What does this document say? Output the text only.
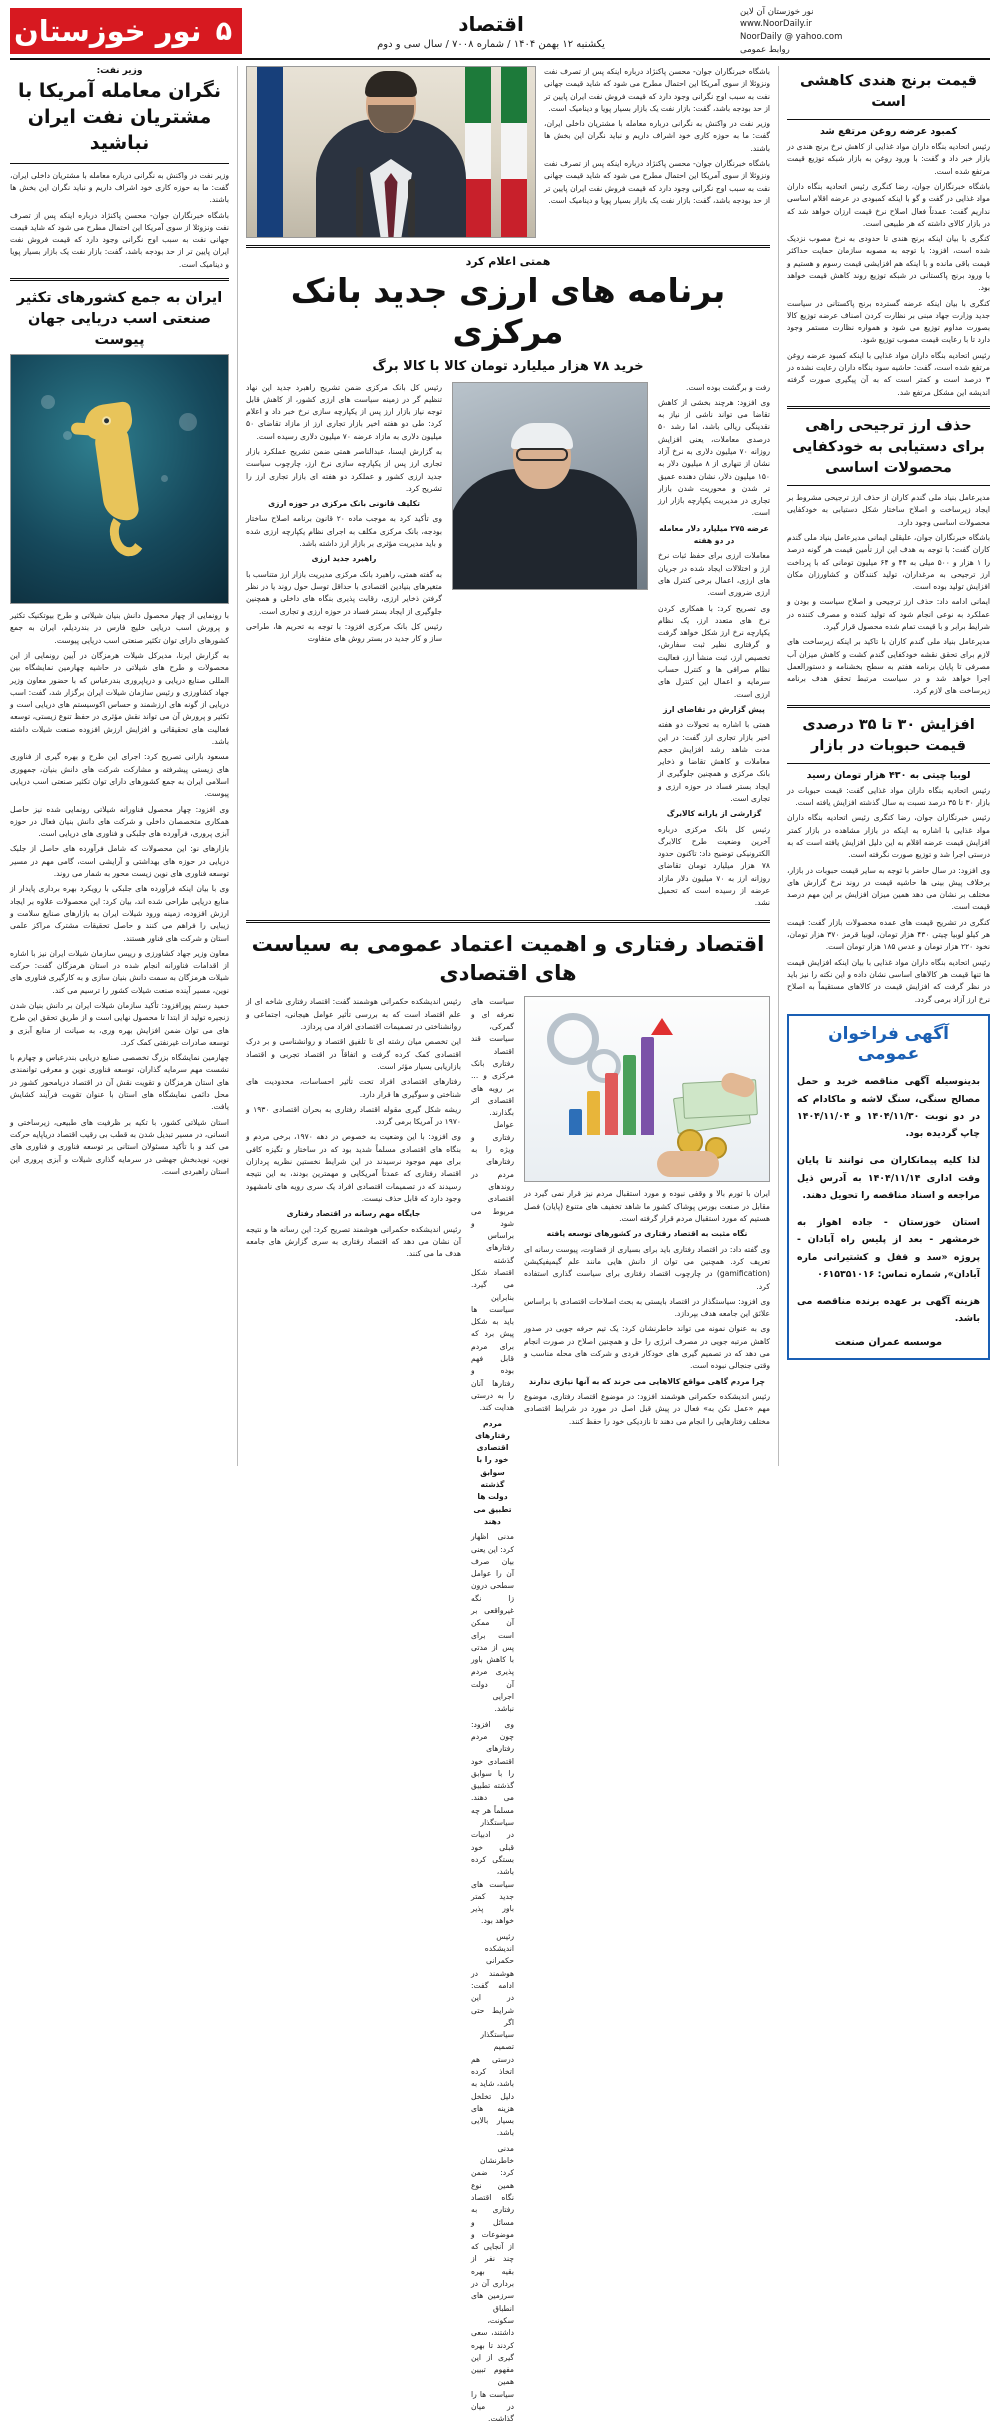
نور خوزستان آن لاین
www.NoorDaily.ir
NoorDaily @ yahoo.com
روابط عمومی
اقتصاد
یکشنبه ۱۲ بهمن ۱۴۰۴ / شماره ۷۰۰۸ / سال سی و دوم
۵
نور خوزستان
قیمت برنج هندی کاهشی است
کمبود عرضه روغن مرتفع شد

رئیس اتحادیه بنگاه داران مواد غذایی از کاهش نرخ برنج هندی در بازار خبر داد و گفت: با ورود روغن به بازار شبکه توزیع قیمت مرتفع شده است.

باشگاه خبرنگاران جوان، رضا کنگری رئیس اتحادیه بنگاه داران مواد غذایی در گفت و گو با اینکه کمبودی در عرضه اقلام اساسی نداریم گفت: عمدتاً فعال اصلاح نرخ قیمت ارزان خواهد شد که در بازار کالای داشته که هر طبیعی است.

کنگری با بیان اینکه برنج هندی تا حدودی به نرخ مصوب نزدیک شده است، افزود: با توجه به مصوبه سازمان حمایت حداکثر قیمت باقی مانده و با اینکه هم افزایشی قیمت رسوم و هستیم و با ورود برنج پاکستانی در شبکه توزیع روند کاهش قیمت خواهد بود.

کنگری با بیان اینکه عرضه گسترده برنج پاکستانی در سیاست جدید وزارت جهاد مبنی بر نظارت کردن اصناف عرضه توزیع کالا بصورت مداوم توزیع می شود و همواره نظارت مستمر وجود دارد تا با رعایت قیمت مصوب توزیع شود.

رئیس اتحادیه بنگاه داران مواد غذایی با اینکه کمبود عرضه روغن مرتفع شده است، گفت: حاشیه سود بنگاه داران رعایت نشده در ۳ درصد است و کمتر است که به آن پیگیری صورت گرفته اندیشه این مشکل مرتفع شد.

حذف ارز ترجیحی راهی برای دستیابی به خودکفایی محصولات اساسی

مدیرعامل بنیاد ملی گندم کاران از حذف ارز ترجیحی مشروط بر ایجاد زیرساخت و اصلاح ساختار شکل دستیابی به خودکفایی محصولات اساسی وجود دارد.

باشگاه خبرنگاران جوان، علیقلی ایمانی مدیرعامل بنیاد ملی گندم کاران گفت: با توجه به هدف این ارز تأمین قیمت هر گونه درصد را ۱ هزار و ۵۰۰ میلی به ۴۴ و ۶۴ میلیون تومانی که با پرداخت ارز ترجیحی به مرغداران، تولید کنندگان و کشاورزان مکان افزایش تولید بوده است.

ایمانی ادامه داد: حذف ارز ترجیحی و اصلاح سیاست و بودن و عملکرد به نوعی انجام شود که تولید کننده و مصرف کننده در شرایط برابر و با قیمت تمام شده محصول قرار گیرد.

مدیرعامل بنیاد ملی گندم کاران با تاکید بر اینکه زیرساخت های لازم برای تحقق نقشه خودکفایی گندم کشت و کاهش میزان آب مصرفی تا پایان برنامه هفتم به سطح بخشنامه و دستورالعمل اجرا خواهد شد و در سیاست مرتبط تحقق هدف برنامه زیرساخت های لازم کرد.

افزایش ۳۰ تا ۳۵ درصدی قیمت حبوبات در بازار
لوبیا چیتی به ۴۳۰ هزار تومان رسید

رئیس اتحادیه بنگاه داران مواد غذایی گفت: قیمت حبوبات در بازار ۳۰ تا ۳۵ درصد نسبت به سال گذشته افزایش یافته است.

رئیس خبرنگاران جوان، رضا کنگری رئیس اتحادیه بنگاه داران مواد غذایی با اشاره به اینکه در بازار مشاهده در بازار کمتر افزایش قیمت عرضه اقلام به این دلیل افزایش یافته است که به درستی اجرا شد و توزیع صورت نگرفته است.

وی افزود: در سال حاضر با توجه به سایر قیمت حبوبات در بازار، برخلاف پیش بینی ها حاشیه قیمت در روند نرخ گزارش های مختلف بر نشان می دهد همین میزان افزایش بر این مهم درصد قیمت است.

کنگری در تشریح قیمت های عمده محصولات بازار گفت: قیمت هر کیلو لوبیا چیتی ۴۳۰ هزار تومان، لوبیا قرمز ۳۷۰ هزار تومان، نخود ۲۲۰ هزار تومان و عدس ۱۸۵ هزار تومان است.

رئیس اتحادیه بنگاه داران مواد غذایی با بیان اینکه افزایش قیمت ها تنها قیمت هر کالاهای اساسی نشان داده و این نکته را نیز باید در نظر گرفت که افزایش قیمت در کالاهای مستقیماً به اصلاح نرخ ارز آزاد برمی گردد.

آگهی فراخوان عمومی

بدینوسیله آگهی مناقصه خرید و حمل مصالح سنگی، سنگ لاشه و ماکادام که در دو نوبت ۱۴۰۴/۱۱/۳۰ و ۱۴۰۴/۱۱/۰۴ چاپ گردیده بود.

لذا کلیه پیمانکاران می توانند تا پایان وقت اداری ۱۴۰۴/۱۱/۱۴ به آدرس ذیل مراجعه و اسناد مناقصه را تحویل دهند.

استان خوزستان - جاده اهواز به خرمشهر - بعد از پلیس راه آبادان - پروژه «سد و قفل و کشتیرانی ماره آبادان», شماره تماس: ۰۶۱۵۳۵۱۰۱۶

هزینه آگهی بر عهده برنده مناقصه می باشد.

موسسه عمران صنعت

باشگاه خبرنگاران جوان- محسن پاکنژاد درباره اینکه پس از تصرف نفت ونزوئلا از سوی آمریکا این احتمال مطرح می شود که شاید قیمت جهانی نفت به سبب اوج نگرانی وجود دارد که قیمت فروش نفت ایران پایین تر از حد بودجه باشد، گفت: بازار نفت یک بازار بسیار پویا و دینامیک است.

وزیر نفت در واکنش به نگرانی درباره معامله با مشتریان داخلی ایران، گفت: ما به حوزه کاری خود اشراف داریم و نباید نگران این بخش ها باشند.

باشگاه خبرنگاران جوان- محسن پاکنژاد درباره اینکه پس از تصرف نفت ونزوئلا از سوی آمریکا این احتمال مطرح می شود که شاید قیمت جهانی نفت به سبب اوج نگرانی وجود دارد که قیمت فروش نفت ایران پایین تر از حد بودجه باشد، گفت: بازار نفت یک بازار بسیار پویا و دینامیک است.

همتی اعلام کرد
برنامه های ارزی جدید بانک مرکزی
خرید ۷۸ هزار میلیارد تومان کالا با کالا برگ

رفت و برگشت بوده است.

وی افزود: هرچند بخشی از کاهش تقاضا می تواند ناشی از نیاز به نقدینگی ریالی باشد، اما رشد ۵۰ درصدی معاملات، یعنی افزایش روزانه ۷۰ میلیون دلاری به نرخ آزاد نشان از تنهاری از ۸ میلیون دلار به ۱۵۰ میلیون دلار، نشان دهنده عمیق تر شدن و محوریت شدن بازار تجاری در مدیریت یکپارچه بازار ارز است.

عرضه ۲۷۵ میلیارد دلار معامله در دو هفته

معاملات ارزی برای حفظ ثبات نرخ ارز و اختلالات ایجاد شده در جریان های ارزی، اعمال برخی کنترل های ارزی ضروری است.

وی تصریح کرد: با همکاری کردن نرخ های متعدد ارز، یک نظام یکپارچه نرخ ارز شکل خواهد گرفت و گرفتاری نظیر ثبت سفارش، تخصیص ارز، ثبت منشأ ارز، فعالیت نظام صرافی ها و کنترل حساب سرمایه و اعمال این کنترل های ارزی است.

پیش گزارش در تقاضای ارز

همتی با اشاره به تحولات دو هفته اخیر بازار تجاری ارز گفت: در این مدت شاهد رشد افزایش حجم معاملات و کاهش تقاضا و ذخایر بانک مرکزی و همچنین جلوگیری از ایجاد بستر فساد در حوزه ارزی و تجاری است.

گزارشی از یارانه کالابرگ

رئیس کل بانک مرکزی درباره آخرین وضعیت طرح کالابرگ الکترونیکی توضیح داد: تاکنون حدود ۷۸ هزار میلیارد تومان تقاضای روزانه ارز به ۷۰ میلیون دلار مازاد عرضه از رسیده است که تحمیل نشد.

رئیس کل بانک مرکزی ضمن تشریح راهبرد جدید این نهاد تنظیم گر در زمینه سیاست های ارزی کشور، از کاهش قابل توجه نیاز بازار ارز پس از یکپارچه سازی نرخ خبر داد و اعلام کرد: طی دو هفته اخیر بازار تجاری ارز از مازاد تقاضای ۵۰ میلیون دلاری به مازاد عرضه ۷۰ میلیون دلاری رسیده است.

به گزارش ایسنا، عبدالناصر همتی ضمن تشریح عملکرد بازار تجاری ارز پس از یکپارچه سازی نرخ ارز، چارچوب سیاست جدید ارزی کشور و عملکرد دو هفته ای بازار تجاری ارز را تشریح کرد.

تکلیف قانونی بانک مرکزی در حوزه ارزی

وی تأکید کرد به موجب ماده ۲۰ قانون برنامه اصلاح ساختار بودجه، بانک مرکزی مکلف به اجرای نظام یکپارچه ارزی شده و باید مدیریت مؤثری بر بازار ارز داشته باشد.

راهبرد جدید ارزی

به گفته همتی، راهبرد بانک مرکزی مدیریت بازار ارز متناسب با متغیرهای بنیادین اقتصادی با حداقل توسل حول روند یا در نظر گرفتن ذخایر ارزی، رقابت پذیری بنگاه های داخلی و همچنین جلوگیری از ایجاد بستر فساد در حوزه ارزی و تجاری است.

رئیس کل بانک مرکزی افزود: با توجه به تحریم ها، طراحی ساز و کار جدید در بستر روش های متفاوت

اقتصاد رفتاری و اهمیت اعتماد عمومی به سیاست های اقتصادی

ایران با تورم بالا و وقفی نبوده و مورد استقبال مردم نیز قرار نمی گیرد در مقابل در صنعت بورس پوشاک کشور ما شاهد تخفیف های متنوع (پایان) فصل هستیم که مورد استقبال مردم قرار گرفته است.

نگاه مثبت به اقتصاد رفتاری در کشورهای توسعه یافته

وی گفته داد: در اقتصاد رفتاری باید برای بسیاری از قضاوت، پیوست رسانه ای تعریف کرد. همچنین می توان از دانش هایی مانند علم گیمیفیکیشن (gamification) در چارچوب اقتصاد رفتاری برای سیاست گذاری استفاده کرد.

وی افزود: سیاستگذار در اقتصاد بایستی به بحث اصلاحات اقتصادی با براساس علائق این جامعه هدف بپردازد.

وی به عنوان نمونه می تواند خاطرنشان کرد: یک تیم حرفه جویی در صدور کاهش مرتبه جویی در مصرف انرژی را حل و همچنین اصلاح در صورت انجام می دهد که در تصمیم گیری های خودکار فردی و شرکت های محله مناسب و وقتی جنجالی نبوده است.

چرا مردم گاهی مواقع کالاهایی می خرند که به آنها نیازی ندارند

رئیس اندیشکده حکمرانی هوشمند افزود: در موضوع اقتصاد رفتاری، موضوع مهم «عمل نکن به» فعال در پیش قبل اصل در مورد در شرایط اقتصادی مختلف رفتارهایی را انجام می دهند تا نازدیکی خود را حفظ کنند.

سیاست های نعرفه ای و گمرکی، سیاست قند اقتصاد رفتاری بانک مرکزی و ... بر رویه های اقتصادی اثر بگذارند. عوامل رفتاری و ویژه را به رفتارهای مردم در روندهای اقتصادی مربوط می شود و براساس رفتارهای گذشته اقتصاد شکل می گیرد. بنابراین سیاست ها باید به شکل پیش برد که برای مردم قابل فهم بوده و رفتارها آنان را به درستی هدایت کند.

مردم رفتارهای اقتصادی خود را با سوابق گذشته دولت ها تطبیق می دهند

مدنی اظهار کرد: این یعنی بیان صرف آن را عوامل سطحی درون زا نگه غیرواقعی بر آن ممکن است برای پس از مدتی با کاهش باور پذیری مردم آن دولت اجرایی نباشد.

وی افزود: چون مردم رفتارهای اقتصادی خود را با سوابق گذشته تطبیق می دهند. مسلماً هر چه سیاستگذار در ادبیات قبلی خود بستگی کرده باشد، سیاست های جدید کمتر باور پذیر خواهد بود.

رئیس اندیشکده حکمرانی هوشمند در ادامه گفت: در این شرایط حتی اگر سیاستگذار تصمیم درستی هم اتخاذ کرده باشد، شاید به دلیل تخلخل هزینه های بسیار بالایی باشد.

مدنی خاطرنشان کرد: ضمن همین نوع نگاه اقتصاد رفتاری به مسائل و موضوعات و از آنجایی که چند نفر از بقیه بهره برداری آن در سرزمین های انطباق سکونت، داشتند، سعی کردند تا بهره گیری از این مفهوم تبیین همین سیاست ها را در میان گذاشت.

رئیس اندیشکده حکمرانی هوشمند گفت: اقتصاد رفتاری شاخه ای از علم اقتصاد است که به بررسی تأثیر عوامل هیجانی، اجتماعی و روانشناختی در تصمیمات اقتصادی افراد می پردازد.

این تخصص میان رشته ای تا تلفیق اقتصاد و روانشناسی و بر درک اقتصادی کمک کرده گرفت و اتفاقاً در اقتصاد تجربی و اقتصاد بازاریابی بسیار مؤثر است.

رفتارهای اقتصادی افراد تحت تأثیر احساسات، محدودیت های شناختی و سوگیری ها قرار دارد.

ریشه شکل گیری مقوله اقتصاد رفتاری به بحران اقتصادی ۱۹۳۰ و ۱۹۷۰ در آمریکا برمی گردد.

وی افزود: با این وضعیت به خصوص در دهه ۱۹۷۰، برخی مردم و بنگاه های اقتصادی مسلماً شدید بود که در ساختار و تگیزه کافی برای مهم موجود نرسیدند در این شرایط نخستین نظریه پردازان اقتصاد رفتاری که عمدتاً آمریکایی و مهمترین بودند، به این نتیجه رسیدند که در تصمیمات اقتصادی افراد یک سری رویه های نامشهود وجود دارد که قابل حذف نیست.

جایگاه مهم رسانه در اقتصاد رفتاری

رئیس اندیشکده حکمرانی هوشمند تصریح کرد: این رسانه ها و نتیجه آن نشان می دهد که اقتصاد رفتاری به سری گزارش های جامعه هدف ما می کنند.

وزیر نفت:
نگران معامله آمریکا با مشتریان نفت ایران نباشید

وزیر نفت در واکنش به نگرانی درباره معامله با مشتریان داخلی ایران، گفت: ما به حوزه کاری خود اشراف داریم و نباید نگران این بخش ها باشند.

باشگاه خبرنگاران جوان- محسن پاکنژاد درباره اینکه پس از تصرف نفت ونزوئلا از سوی آمریکا این احتمال مطرح می شود که شاید قیمت جهانی نفت به سبب اوج نگرانی وجود دارد که قیمت فروش نفت ایران پایین تر از حد بودجه باشد، گفت: بازار نفت یک بازار بسیار پویا و دینامیک است.

ایران به جمع کشورهای تکثیر صنعتی اسب دریایی جهان پیوست

با رونمایی از چهار محصول دانش بنیان شیلاتی و طرح بیوتکنیک تکثیر و پرورش اسب دریایی خلیج فارس در بندردیلم، ایران به جمع کشورهای دارای توان تکثیر صنعتی اسب دریایی پیوست.

به گزارش ایرنا، مدیرکل شیلات هرمزگان در آیین رونمایی از این محصولات و طرح های شیلاتی در حاشیه چهارمین نمایشگاه بین المللی صنایع دریایی و دریاپروری بندرعباس که با حضور معاون وزیر جهاد کشاورزی و رئیس سازمان شیلات ایران برگزار شد، گفت: اسب دریایی از گونه های ارزشمند و حساس اکوسیستم های دریایی است و تکثیر و پرورش آن می تواند نقش مؤثری در حفظ تنوع زیستی، توسعه فعالیت های تحقیقاتی و افزایش ارزش افزوده صنعت شیلات داشته باشد.

مسعود بارانی تصریح کرد: اجرای این طرح و بهره گیری از فناوری های زیستی پیشرفته و مشارکت شرکت های دانش بنیان، جمهوری اسلامی ایران به جمع کشورهای دارای توان تکثیر صنعتی اسب دریایی پیوست.

وی افزود: چهار محصول فناورانه شیلاتی رونمایی شده نیز حاصل همکاری متخصصان داخلی و شرکت های دانش بنیان فعال در حوزه آبزی پروری، فرآورده های جلبکی و فناوری های دریایی است.

بازارهای نو: این محصولات که شامل فرآورده های حاصل از جلبک دریایی در حوزه های بهداشتی و آرایشی است، گامی مهم در مسیر توسعه فناوری های نوین زیست محور به شمار می روند.

وی با بیان اینکه فرآورده های جلبکی با رویکرد بهره برداری پایدار از منابع دریایی طراحی شده اند، بیان کرد: این محصولات علاوه بر ایجاد ارزش افزوده، زمینه ورود شیلات ایران به بازارهای صنایع سلامت و زیبایی را فراهم می کنند و حاصل تحقیقات مشترک مراکز علمی استان و شرکت های فناور هستند.

معاون وزیر جهاد کشاورزی و رییس سازمان شیلات ایران نیز با اشاره از اقدامات فناورانه انجام شده در استان هرمزگان گفت: حرکت شیلات هرمزگان به سمت دانش بنیان سازی و به کارگیری فناوری های نوین، مسیر آینده صنعت شیلات کشور را ترسیم می کند.

حمید رستم پورافزود: تأکید سازمان شیلات ایران بر دانش بنیان شدن زنجیره تولید از ابتدا تا محصول نهایی است و از طریق تحقق این طرح های می توان ضمن افزایش بهره وری، به صیانت از منابع آبزی و توسعه صادرات غیرنفتی کمک کرد.

چهارمین نمایشگاه بزرگ تخصصی صنایع دریایی بندرعباس و چهارم با نشست مهم سرمایه گذاران، توسعه فناوری نوین و معرفی توانمندی های استان هرمزگان و تقویت نقش آن در اقتصاد دریامحور کشور در محل دائمی نمایشگاه های استان با عنوان تقویت فرآیند کشایش یافت.

استان شیلاتی کشور، با تکیه بر ظرفیت های طبیعی، زیرساختی و انسانی، در مسیر تبدیل شدن به قطب بی رقیب اقتصاد دریاپایه حرکت می کند و با تأکید مسئولان استانی بر توسعه فناوری و فناوری های نوین، نویدبخش جهشی در سرمایه گذاری شیلات و آبزی پروری این استان راهبردی است.
